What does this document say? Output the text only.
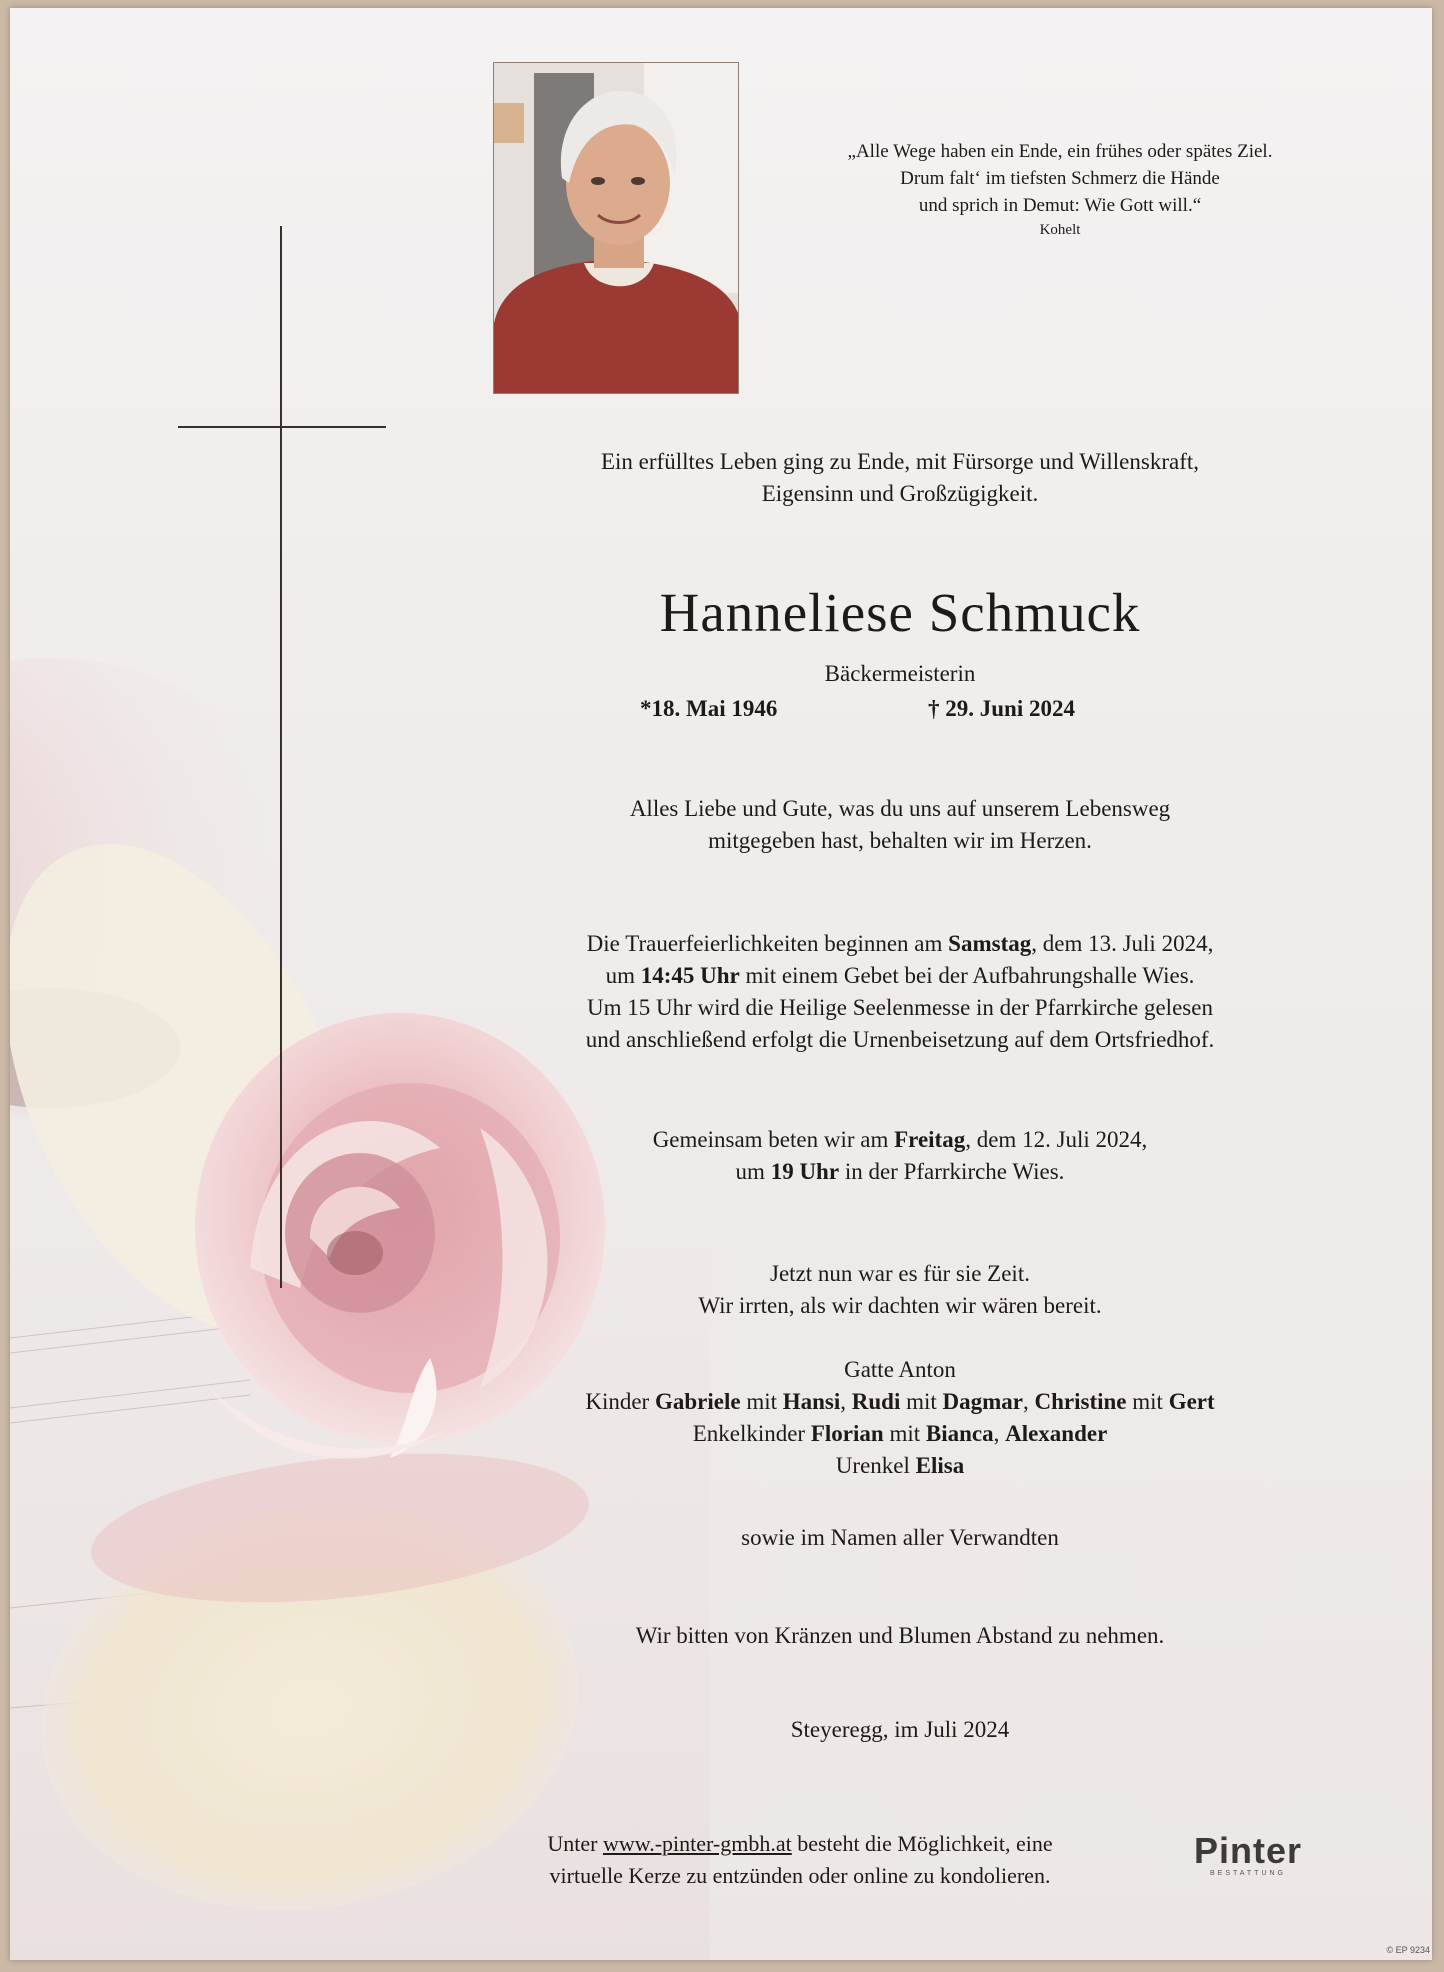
„Alle Wege haben ein Ende, ein frühes oder spätes Ziel.
Drum falt‘ im tiefsten Schmerz die Hände
und sprich in Demut: Wie Gott will.“
Kohelt
Ein erfülltes Leben ging zu Ende, mit Fürsorge und Willenskraft,
Eigensinn und Großzügigkeit.
Hanneliese Schmuck
Bäckermeisterin
*18. Mai 1946	† 29. Juni 2024
Alles Liebe und Gute, was du uns auf unserem Lebensweg
mitgegeben hast, behalten wir im Herzen.
Die Trauerfeierlichkeiten beginnen am Samstag, dem 13. Juli 2024,
um 14:45 Uhr mit einem Gebet bei der Aufbahrungshalle Wies.
Um 15 Uhr wird die Heilige Seelenmesse in der Pfarrkirche gelesen
und anschließend erfolgt die Urnenbeisetzung auf dem Ortsfriedhof.
Gemeinsam beten wir am Freitag, dem 12. Juli 2024,
um 19 Uhr in der Pfarrkirche Wies.
Jetzt nun war es für sie Zeit.
Wir irrten, als wir dachten wir wären bereit.
Gatte Anton
Kinder Gabriele mit Hansi, Rudi mit Dagmar, Christine mit Gert
Enkelkinder Florian mit Bianca, Alexander
Urenkel Elisa
sowie im Namen aller Verwandten
Wir bitten von Kränzen und Blumen Abstand zu nehmen.
Steyeregg, im Juli 2024
Unter www.-pinter-gmbh.at besteht die Möglichkeit, eine
virtuelle Kerze zu entzünden oder online zu kondolieren.
Pinter
BESTATTUNG
© EP 9234
